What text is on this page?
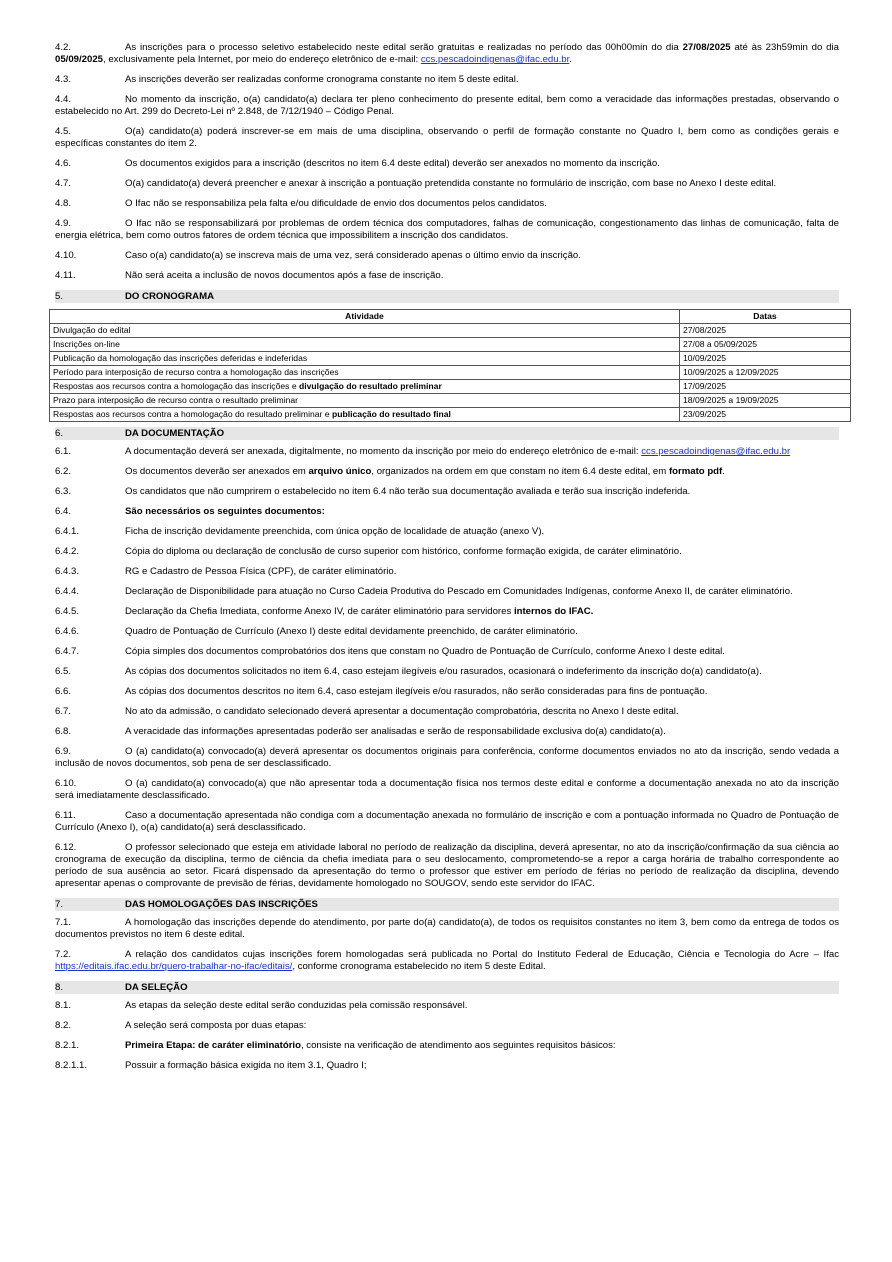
4.2.	As inscrições para o processo seletivo estabelecido neste edital serão gratuitas e realizadas no período das 00h00min do dia 27/08/2025 até às 23h59min do dia 05/09/2025, exclusivamente pela Internet, por meio do endereço eletrônico de e-mail: ccs.pescadoindigenas@ifac.edu.br.

4.3.	As inscrições deverão ser realizadas conforme cronograma constante no item 5 deste edital.

4.4.	No momento da inscrição, o(a) candidato(a) declara ter pleno conhecimento do presente edital, bem como a veracidade das informações prestadas, observando o estabelecido no Art. 299 do Decreto-Lei nº 2.848, de 7/12/1940 – Código Penal.

4.5.	O(a) candidato(a) poderá inscrever-se em mais de uma disciplina, observando o perfil de formação constante no Quadro I, bem como as condições gerais e específicas constantes do item 2.

4.6.	Os documentos exigidos para a inscrição (descritos no item 6.4 deste edital) deverão ser anexados no momento da inscrição.

4.7.	O(a) candidato(a) deverá preencher e anexar à inscrição a pontuação pretendida constante no formulário de inscrição, com base no Anexo I deste edital.

4.8.	O Ifac não se responsabiliza pela falta e/ou dificuldade de envio dos documentos pelos candidatos.

4.9.	O Ifac não se responsabilizará por problemas de ordem técnica dos computadores, falhas de comunicação, congestionamento das linhas de comunicação, falta de energia elétrica, bem como outros fatores de ordem técnica que impossibilitem a inscrição dos candidatos.

4.10.	Caso o(a) candidato(a) se inscreva mais de uma vez, será considerado apenas o último envio da inscrição.

4.11.	Não será aceita a inclusão de novos documentos após a fase de inscrição.

5.	DO CRONOGRAMA
Atividade	Datas
Divulgação do edital	27/08/2025
Inscrições on-line	27/08 a 05/09/2025
Publicação da homologação das inscrições deferidas e indeferidas	10/09/2025
Período para interposição de recurso contra a homologação das inscrições	10/09/2025 a 12/09/2025
Respostas aos recursos contra a homologação das inscrições e divulgação do resultado preliminar	17/09/2025
Prazo para interposição de recurso contra o resultado preliminar	18/09/2025 a 19/09/2025
Respostas aos recursos contra a homologação do resultado preliminar e publicação do resultado final	23/09/2025
6.	DA DOCUMENTAÇÃO

6.1.	A documentação deverá ser anexada, digitalmente, no momento da inscrição por meio do endereço eletrônico de e-mail: ccs.pescadoindigenas@ifac.edu.br

6.2.	Os documentos deverão ser anexados em arquivo único, organizados na ordem em que constam no item 6.4 deste edital, em formato pdf.

6.3.	Os candidatos que não cumprirem o estabelecido no item 6.4 não terão sua documentação avaliada e terão sua inscrição indeferida.

6.4.	São necessários os seguintes documentos:

6.4.1.	Ficha de inscrição devidamente preenchida, com única opção de localidade de atuação (anexo V).

6.4.2.	Cópia do diploma ou declaração de conclusão de curso superior com histórico, conforme formação exigida, de caráter eliminatório.

6.4.3.	RG e Cadastro de Pessoa Física (CPF), de caráter eliminatório.

6.4.4.	Declaração de Disponibilidade para atuação no Curso Cadeia Produtiva do Pescado em Comunidades Indígenas, conforme Anexo II, de caráter eliminatório.

6.4.5.	Declaração da Chefia Imediata, conforme Anexo IV, de caráter eliminatório para servidores internos do IFAC.

6.4.6.	Quadro de Pontuação de Currículo (Anexo I) deste edital devidamente preenchido, de caráter eliminatório.

6.4.7.	Cópia simples dos documentos comprobatórios dos itens que constam no Quadro de Pontuação de Currículo, conforme Anexo I deste edital.

6.5.	As cópias dos documentos solicitados no item 6.4, caso estejam ilegíveis e/ou rasurados, ocasionará o indeferimento da inscrição do(a) candidato(a).

6.6.	As cópias dos documentos descritos no item 6.4, caso estejam ilegíveis e/ou rasurados, não serão consideradas para fins de pontuação.

6.7.	No ato da admissão, o candidato selecionado deverá apresentar a documentação comprobatória, descrita no Anexo I deste edital.

6.8.	A veracidade das informações apresentadas poderão ser analisadas e serão de responsabilidade exclusiva do(a) candidato(a).

6.9.	O (a) candidato(a) convocado(a) deverá apresentar os documentos originais para conferência, conforme documentos enviados no ato da inscrição, sendo vedada a inclusão de novos documentos, sob pena de ser desclassificado.

6.10.	O (a) candidato(a) convocado(a) que não apresentar toda a documentação física nos termos deste edital e conforme a documentação anexada no ato da inscrição será imediatamente desclassificado.

6.11.	Caso a documentação apresentada não condiga com a documentação anexada no formulário de inscrição e com a pontuação informada no Quadro de Pontuação de Currículo (Anexo I), o(a) candidato(a) será desclassificado.

6.12.	O professor selecionado que esteja em atividade laboral no período de realização da disciplina, deverá apresentar, no ato da inscrição/confirmação da sua ciência ao cronograma de execução da disciplina, termo de ciência da chefia imediata para o seu deslocamento, comprometendo-se a repor a carga horária de trabalho correspondente ao período de sua ausência ao setor. Ficará dispensado da apresentação do termo o professor que estiver em período de férias no período de realização da disciplina, devendo apresentar apenas o comprovante de previsão de férias, devidamente homologado no SOUGOV, sendo este servidor do IFAC.

7.	DAS HOMOLOGAÇÕES DAS INSCRIÇÕES

7.1.	A homologação das inscrições depende do atendimento, por parte do(a) candidato(a), de todos os requisitos constantes no item 3, bem como da entrega de todos os documentos previstos no item 6 deste edital.

7.2.	A relação dos candidatos cujas inscrições forem homologadas será publicada no Portal do Instituto Federal de Educação, Ciência e Tecnologia do Acre – Ifac https://editais.ifac.edu.br/quero-trabalhar-no-ifac/editais/, conforme cronograma estabelecido no item 5 deste Edital.

8.	DA SELEÇÃO

8.1.	As etapas da seleção deste edital serão conduzidas pela comissão responsável.

8.2.	A seleção será composta por duas etapas:

8.2.1.	Primeira Etapa: de caráter eliminatório, consiste na verificação de atendimento aos seguintes requisitos básicos:

8.2.1.1.	Possuir a formação básica exigida no item 3.1, Quadro I;
